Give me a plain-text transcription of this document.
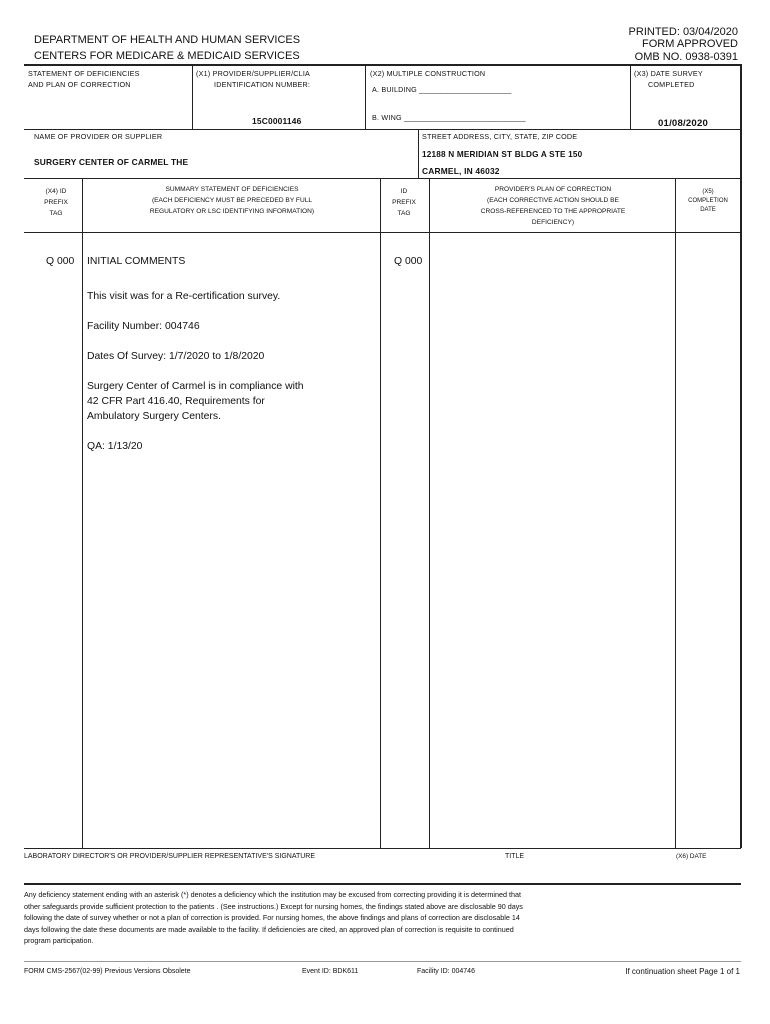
DEPARTMENT OF HEALTH AND HUMAN SERVICES
CENTERS FOR MEDICARE & MEDICAID SERVICES
PRINTED: 03/04/2020
FORM APPROVED
OMB NO. 0938-0391
STATEMENT OF DEFICIENCIES
AND PLAN OF CORRECTION
(X1) PROVIDER/SUPPLIER/CLIA
IDENTIFICATION NUMBER:
15C0001146
(X2) MULTIPLE CONSTRUCTION
A. BUILDING ______________________
B. WING _____________________________
(X3) DATE SURVEY
COMPLETED
01/08/2020
NAME OF PROVIDER OR SUPPLIER
SURGERY CENTER OF CARMEL THE
STREET ADDRESS, CITY, STATE, ZIP CODE
12188 N MERIDIAN ST BLDG A STE 150
CARMEL, IN 46032
(X4) ID
PREFIX
TAG
SUMMARY STATEMENT OF DEFICIENCIES
(EACH DEFICIENCY MUST BE PRECEDED BY FULL
REGULATORY OR LSC IDENTIFYING INFORMATION)
ID
PREFIX
TAG
PROVIDER'S PLAN OF CORRECTION
(EACH CORRECTIVE ACTION SHOULD BE
CROSS-REFERENCED TO THE APPROPRIATE
DEFICIENCY)
(X5)
COMPLETION
DATE
Q 000 INITIAL COMMENTS	Q 000

This visit was for a Re-certification survey.

Facility Number: 004746

Dates Of Survey: 1/7/2020 to 1/8/2020

Surgery Center of Carmel is in compliance with
42 CFR Part 416.40, Requirements for
Ambulatory Surgery Centers.

QA: 1/13/20

LABORATORY DIRECTOR'S OR PROVIDER/SUPPLIER REPRESENTATIVE'S SIGNATURE	TITLE	(X6) DATE
Any deficiency statement ending with an asterisk (*) denotes a deficiency which the institution may be excused from correcting providing it is determined that
other safeguards provide sufficient protection to the patients . (See instructions.) Except for nursing homes, the findings stated above are disclosable 90 days
following the date of survey whether or not a plan of correction is provided. For nursing homes, the above findings and plans of correction are disclosable 14
days following the date these documents are made available to the facility. If deficiencies are cited, an approved plan of correction is requisite to continued
program participation.
FORM CMS-2567(02-99) Previous Versions Obsolete	Event ID: BDK611	Facility ID: 004746	If continuation sheet Page 1 of 1
